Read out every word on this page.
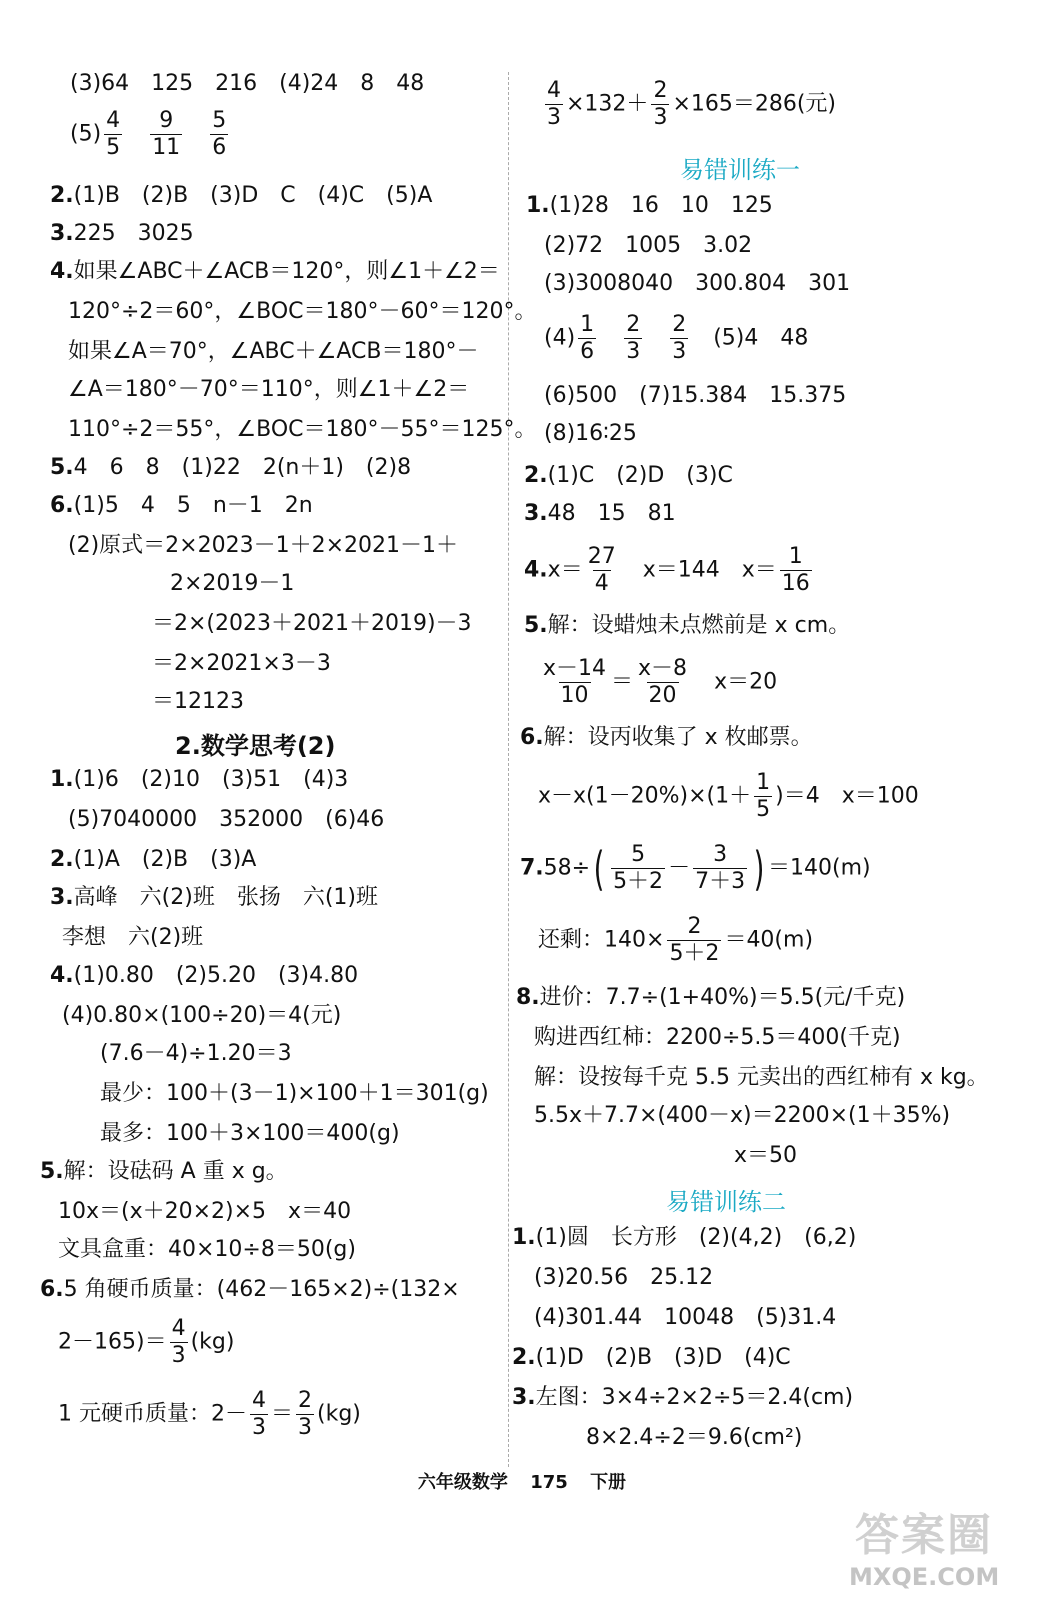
(3)64　125　216　(4)24　8　48
$(5) \frac{4}{5}$
　 $\frac{9}{11}$
　 $\frac{5}{6}$
2.(1)B　(2)B　(3)D　C　(4)C　(5)A
3.225　3025
4.如果∠ABC＋∠ACB＝120°，则∠1＋∠2＝
120°÷2＝60°，∠BOC＝180°－60°＝120°。
如果∠A＝70°，∠ABC＋∠ACB＝180°－
∠A＝180°－70°＝110°，则∠1＋∠2＝
110°÷2＝55°，∠BOC＝180°－55°＝125°。
5.4　6　8　(1)22　2(n＋1)　(2)8
6.(1)5　4　5　n－1　2n
(2)原式＝2×2023－1＋2×2021－1＋
2×2019－1
＝2×(2023＋2021＋2019)－3
＝2×2021×3－3
＝12123
2.数学思考(2)
1.(1)6　(2)10　(3)51　(4)3
(5)7040000　352000　(6)46
2.(1)A　(2)B　(3)A
3.高峰　六(2)班　张扬　六(1)班
李想　六(2)班
4.(1)0.80　(2)5.20　(3)4.80
(4)0.80×(100÷20)＝4(元)
(7.6－4)÷1.20＝3
最少：100＋(3－1)×100＋1＝301(g)
最多：100＋3×100＝400(g)
5.解：设砝码 A 重 x g。
10x＝(x＋20×2)×5　x＝40
文具盒重：40×10÷8＝50(g)
6.5 角硬币质量：(462－165×2)÷(132×
$2-165)= \frac{4}{3} (kg)$
1 元硬币质量：$2- \frac{4}{3} = \frac{2}{3} (kg)$
$\frac{4}{3} \times 132+ \frac{2}{3} \times 165=286$(元)
易错训练一
1.(1)28　16　10　125
(2)72　1005　3.02
(3)3008040　300.804　301
$(4) \frac{1}{6}$
　 $\frac{2}{3}$
　 $\frac{2}{3}$
　 (5)4　48
(6)500　(7)15.384　15.375
(8)16∶25
2.(1)C　(2)D　(3)C
3.48　15　81
$4.x= \frac{27}{4}$
　 x＝144　$x= \frac{1}{16}$
5.解：设蜡烛未点燃前是 x cm。
$\frac{x-14}{10} = \frac{x-8}{20}$
　 x＝20
6.解：设丙收集了 x 枚邮票。
$x-x(1-20\%)\times(1+ \frac{1}{5} )=4$　x＝100
$7.58\div( \frac{5}{5+2} - \frac{3}{7+3}$ ) ＝140(m)
还剩：$140\times \frac{2}{5+2} =40(m)$
8.进价：7.7÷(1+40%)＝5.5(元/千克)
购进西红柿：2200÷5.5＝400(千克)
解：设按每千克 5.5 元卖出的西红柿有 x kg。
5.5x＋7.7×(400－x)＝2200×(1＋35%)
x＝50
易错训练二
1.(1)圆　长方形　(2)(4,2)　(6,2)
(3)20.56　25.12
(4)301.44　10048　(5)31.4
2.(1)D　(2)B　(3)D　(4)C
3.左图：3×4÷2×2÷5＝2.4(cm)
8×2.4÷2＝9.6(cm²)
六年级数学 175 下册
答案圈
MXQE.COM
